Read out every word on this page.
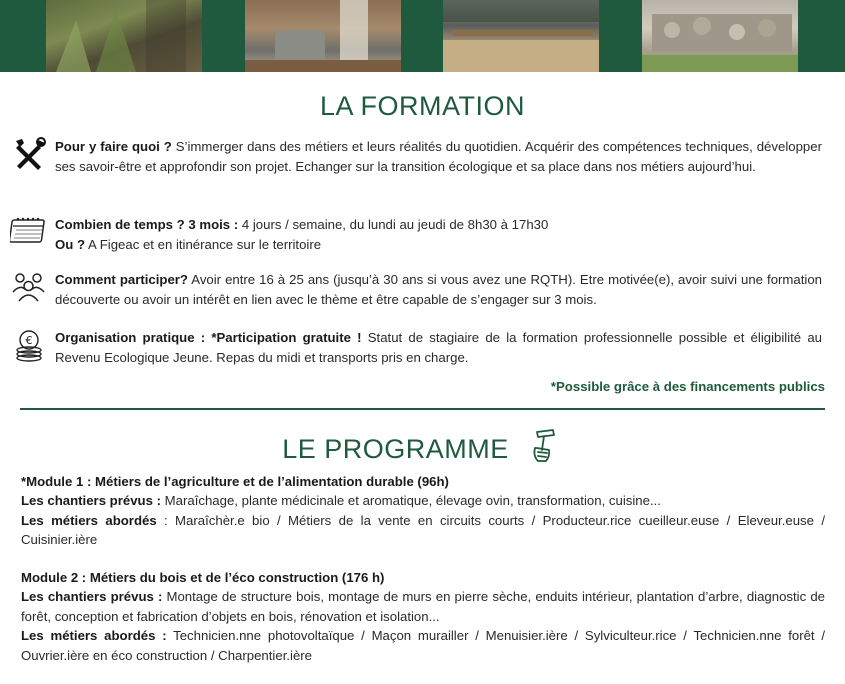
LA FORMATION

Pour y faire quoi ? S’immerger dans des métiers et leurs réalités du quotidien. Acquérir des compétences techniques, développer ses savoir-être et approfondir son projet. Echanger sur la transition écologique et sa place dans nos métiers aujourd’hui.

Combien de temps ? 3 mois : 4 jours / semaine, du lundi au jeudi de 8h30 à 17h30
Ou ? A Figeac et en itinérance sur le territoire

Comment participer? Avoir entre 16 à 25 ans (jusqu’à 30 ans si vous avez une RQTH). Etre motivée(e), avoir suivi une formation découverte ou avoir un intérêt en lien avec le thème et être capable de s’engager sur 3 mois.

€ Organisation pratique : *Participation gratuite ! Statut de stagiaire de la formation professionnelle possible et éligibilité au Revenu Ecologique Jeune. Repas du midi et transports pris en charge.

*Possible grâce à des financements publics
LE PROGRAMME

*Module 1 : Métiers de l’agriculture et de l’alimentation durable (96h)

Les chantiers prévus : Maraîchage, plante médicinale et aromatique, élevage ovin, transformation, cuisine...

Les métiers abordés : Maraîchèr.e bio / Métiers de la vente en circuits courts / Producteur.rice cueilleur.euse / Eleveur.euse / Cuisinier.ière

Module 2 : Métiers du bois et de l’éco construction (176 h)

Les chantiers prévus : Montage de structure bois, montage de murs en pierre sèche, enduits intérieur, plantation d’arbre, diagnostic de forêt, conception et fabrication d’objets en bois, rénovation et isolation...

Les métiers abordés : Technicien.nne photovoltaïque / Maçon murailler / Menuisier.ière / Sylviculteur.rice / Technicien.nne forêt / Ouvrier.ière en éco construction / Charpentier.ière
